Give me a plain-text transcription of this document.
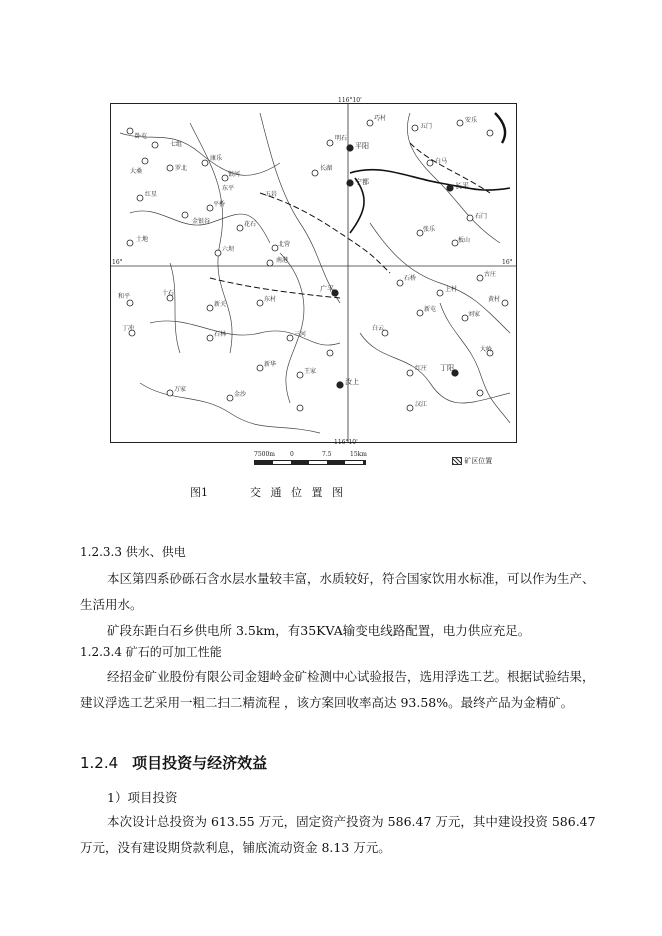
116°10'
116°10'
16°	16°
卧屯
七组
大桑	罗北
红星
康乐
银河
东平
平桥
五岩
长湖
明石
巧村
五门
安乐
白马
石门
张乐
板山
金银谷
土地
六坝
花石
北营
南港
石桥
上村
古庄
新屯
刘家
白云
红庄
大岭
黄村
和平
丁冲
十石
新关
石林
东村
三河
新华
王家
万家
金沙
汉江
平阳
宁都	长平
广平
汝上
丁阳
7500m	0	7.5	15km
矿区位置
图1	交 通 位 置 图
1.2.3.3 供水、供电
本区第四系砂砾石含水层水量较丰富，水质较好，符合国家饮用水标准，可以作为生产、生活用水。
矿段东距白石乡供电所 3.5km，有35KVA输变电线路配置，电力供应充足。
1.2.3.4 矿石的可加工性能
经招金矿业股份有限公司金翅岭金矿检测中心试验报告，选用浮选工艺。根据试验结果，建议浮选工艺采用一粗二扫二精流程 ，该方案回收率高达 93.58%。最终产品为金精矿。
1.2.4 项目投资与经济效益
1）项目投资
本次设计总投资为 613.55 万元，固定资产投资为 586.47 万元，其中建设投资 586.47 万元，没有建设期贷款利息，铺底流动资金 8.13 万元。
